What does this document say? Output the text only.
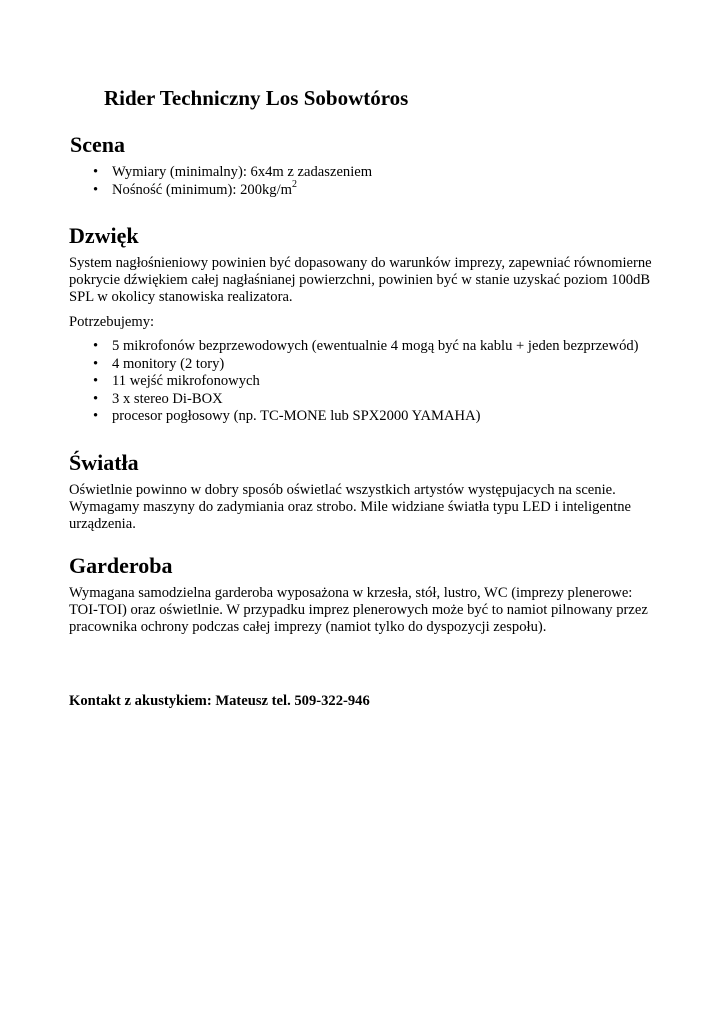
Rider Techniczny Los Sobowtóros
Scena
• Wymiary (minimalny): 6x4m z zadaszeniem
• Nośność (minimum): $200kg/m^2$
Dzwięk

System nagłośnieniowy powinien być dopasowany do warunków imprezy, zapewniać równomierne
pokrycie dźwiękiem całej nagłaśnianej powierzchni, powinien być w stanie uzyskać poziom 100dB
SPL w okolicy stanowiska realizatora.

Potrzebujemy:

• 5 mikrofonów bezprzewodowych (ewentualnie 4 mogą być na kablu + jeden bezprzewód)
• 4 monitory (2 tory)
• 11 wejść mikrofonowych
• 3 x stereo Di-BOX
• procesor pogłosowy (np. TC-MONE lub SPX2000 YAMAHA)
Światła

Oświetlnie powinno w dobry sposób oświetlać wszystkich artystów występujacych na scenie.
Wymagamy maszyny do zadymiania oraz strobo. Mile widziane światła typu LED i inteligentne
urządzenia.

Garderoba

Wymagana samodzielna garderoba wyposażona w krzesła, stół, lustro, WC (imprezy plenerowe:
TOI-TOI) oraz oświetlnie. W przypadku imprez plenerowych może być to namiot pilnowany przez
pracownika ochrony podczas całej imprezy (namiot tylko do dyspozycji zespołu).

Kontakt z akustykiem: Mateusz tel. 509-322-946
